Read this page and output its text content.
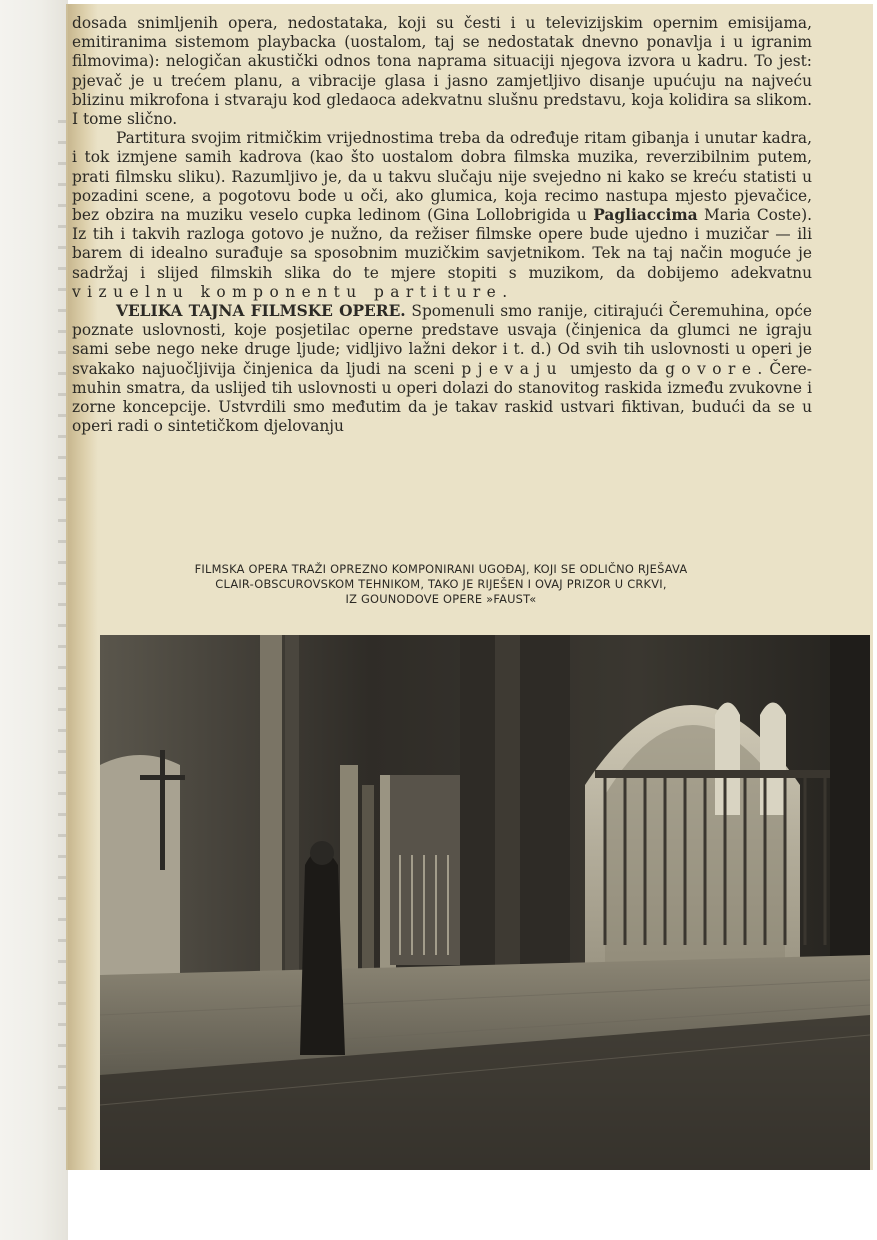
dosada snimljenih opera, nedostataka, koji su česti i u televizijskim opernim emisijama, emitiranima sistemom playbacka (uostalom, taj se nedostatak dnevno ponavlja i u igranim filmovima): nelogičan akustički odnos tona naprama situaciji njegova izvora u kadru. To jest: pjevač je u trećem planu, a vibracije glasa i jasno zamjetljivo disanje upućuju na najveću blizinu mikrofona i stvaraju kod gledaoca adekvatnu slušnu predstavu, koja kolidira sa slikom. I tome slično.

Partitura svojim ritmičkim vrijednostima treba da određuje ritam gibanja i unutar kadra, i tok izmjene samih kadrova (kao što uostalom dobra filmska muzika, reverzibilnim putem, prati filmsku sliku). Razumljivo je, da u takvu slučaju nije svejedno ni kako se kreću statisti u pozadini scene, a pogotovu bode u oči, ako glumica, koja recimo nastupa mjesto pjevačice, bez obzira na muziku veselo cupka ledinom (Gina Lollobrigida u Pagliaccima Maria Coste). Iz tih i takvih razloga gotovo je nužno, da režiser filmske opere bude ujedno i muzičar — ili barem di idealno surađuje sa sposobnim muzičkim savjetnikom. Tek na taj način moguće je sadržaj i slijed filmskih slika do te mjere stopiti s muzikom, da dobijemo adekvatnu vizuelnu komponentu partiture.

VELIKA TAJNA FILMSKE OPERE. Spomenuli smo ranije, citirajući Čeremuhina, opće poznate uslovnosti, koje posjetilac operne predstave usvaja (činjenica da glumci ne igraju sami sebe nego neke druge ljude; vidljivo lažni dekor i t. d.) Od svih tih uslovnosti u operi je svakako najuočljivija činjenica da ljudi na sceni pjevaju umjesto da govore. Čeremuhin smatra, da uslijed tih uslovnosti u operi dolazi do stanovitog raskida između zvukovne i zorne koncepcije. Ustvrdili smo međutim da je takav raskid ustvari fiktivan, budući da se u operi radi o sintetičkom djelovanju

FILMSKA OPERA TRAŽI OPREZNO KOMPONIRANI UGOĐAJ, KOJI SE ODLIČNO RJEŠAVA
CLAIR-OBSCUROVSKOM TEHNIKOM, TAKO JE RIJEŠEN I OVAJ PRIZOR U CRKVI,
IZ GOUNODOVE OPERE »FAUST«
